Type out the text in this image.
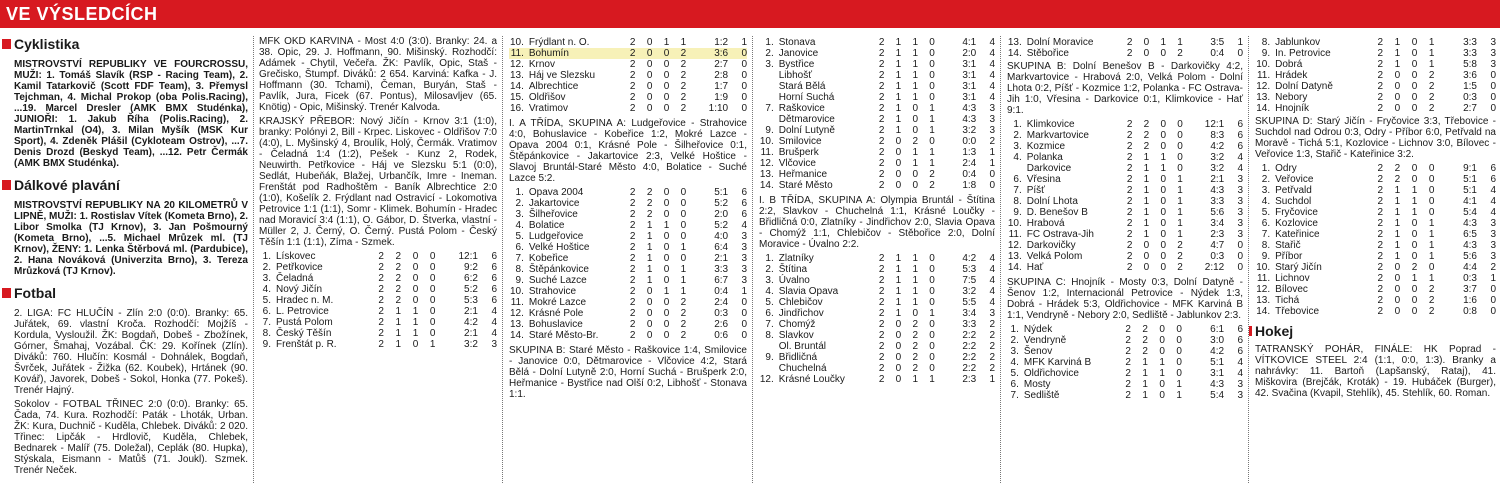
VE VÝSLEDCÍCH
Cyklistika
MISTROVSTVÍ REPUBLIKY VE FOURCROSSU, MUŽI: 1. Tomáš Slavík (RSP - Racing Team), 2. Kamil Tatarkovič (Scott FDF Team), 3. Přemysl Tejchman, 4. Michal Prokop (oba Polis.Racing), ...19. Marcel Dresler (AMK BMX Studénka), JUNIOŘI: 1. Jakub Říha (Polis.Racing), 2. MartinTrnkal (O4), 3. Milan Myšík (MSK Kur Sport), 4. Zdeněk Plášil (Cykloteam Ostrov), ...7. Denis Drozd (Beskyd Team), ...12. Petr Čermák (AMK BMX Studénka).
Dálkové plavání
MISTROVSTVÍ REPUBLIKY NA 20 KILOMETRŮ V LIPNĚ, MUŽI: 1. Rostislav Vítek (Kometa Brno), 2. Libor Smolka (TJ Krnov), 3. Jan Pošmourný (Kometa Brno), ...5. Michael Mrůzek ml. (TJ Krnov), ŽENY: 1. Lenka Štěrbová ml. (Pardubice), 2. Hana Nováková (Univerzita Brno), 3. Tereza Mrůzková (TJ Krnov).
Fotbal
2. LIGA: FC HLUČÍN - Zlín 2:0 (0:0). Branky: 65. Juřátek, 69. vlastní Kroča. Rozhodčí: Mojžíš - Kordula, Vysloužil. ŽK: Bogdaň, Dobeš - Zbožínek, Górner, Šmahaj, Vozábal. ČK: 29. Kořínek (Zlín). Diváků: 760. Hlučín: Kosmál - Dohnálek, Bogdaň, Švrček, Juřátek - Žižka (62. Koubek), Hrtánek (90. Kovář), Javorek, Dobeš - Sokol, Honka (77. Pokeš). Trenér Hajný.
Sokolov - FOTBAL TŘINEC 2:0 (0:0). Branky: 65. Čada, 74. Kura. Rozhodčí: Paták - Lhoták, Urban. ŽK: Kura, Duchnič - Kuděla, Chlebek. Diváků: 2 020. Třinec: Lipčák - Hrdlovič, Kuděla, Chlebek, Bednarek - Malíř (75. Doležal), Ceplák (80. Hupka), Stýskala, Eismann - Matůš (71. Joukl). Szmek. Trenér Neček.
MFK OKD KARVINÁ - Most 4:0 (3:0). Branky: 24. a 38. Opic, 29. J. Hoffmann, 90. Mišinský. Rozhodčí: Adámek - Chytil, Večeřa. ŽK: Pavlík, Opic, Staš - Grečisko, Štumpf. Diváků: 2 654. Karviná: Kafka - J. Hoffmann (30. Tchami), Čeman, Buryán, Staš - Pavlík, Jura, Ficek (67. Pontus), Milosavljev (65. Knötig) - Opic, Mišinský. Trenér Kalvoda.
KRAJSKÝ PŘEBOR: Nový Jičín - Krnov 3:1 (1:0), branky: Polónyi 2, Bill - Krpec. Liskovec - Oldřišov 7:0 (4:0), L. Myšinský 4, Broulík, Holý, Čermák. Vratimov - Čeladná 1:4 (1:2), Pešek - Kunz 2, Rodek, Neuwirth. Petřkovice - Háj ve Slezsku 5:1 (0:0), Sedlát, Hubeňák, Blažej, Urbančík, Imre - Ineman. Frenštát pod Radhoštěm - Baník Albrechtice 2:0 (1:0), Košelík 2. Frýdlant nad Ostravicí - Lokomotiva Petrovice 1:1 (1:1), Somr - Klimek. Bohumín - Hradec nad Moravicí 3:4 (1:1), O. Gábor, D. Štverka, vlastní - Müller 2, J. Černý, O. Černý. Pustá Polom - Český Těšín 1:1 (1:1), Zíma - Szmek.
1.	Lískovec	2	2	0	0	12:1	6
2.	Petřkovice	2	2	0	0	9:2	6
3.	Čeladná	2	2	0	0	6:2	6
4.	Nový Jičín	2	2	0	0	5:2	6
5.	Hradec n. M.	2	2	0	0	5:3	6
6.	L. Petrovice	2	1	1	0	2:1	4
7.	Pustá Polom	2	1	1	0	4:2	4
8.	Český Těšín	2	1	1	0	2:1	4
9.	Frenštát p. R.	2	1	0	1	3:2	3
10.	Frýdlant n. O.	2	0	1	1	1:2	1
11.	Bohumín	2	0	0	2	3:6	0
12.	Krnov	2	0	0	2	2:7	0
13.	Háj ve Slezsku	2	0	0	2	2:8	0
14.	Albrechtice	2	0	0	2	1:7	0
15.	Oldřišov	2	0	0	2	1:9	0
16.	Vratimov	2	0	0	2	1:10	0
I. A TŘÍDA, SKUPINA A: Ludgeřovice - Strahovice 4:0, Bohuslavice - Kobeřice 1:2, Mokré Lazce - Opava 2004 0:1, Krásné Pole - Šilheřovice 0:1, Štěpánkovice - Jakartovice 2:3, Velké Hoštice - Slavoj Bruntál-Staré Město 4:0, Bolatice - Suché Lazce 5:2.
1.	Opava 2004	2	2	0	0	5:1	6
2.	Jakartovice	2	2	0	0	5:2	6
3.	Šilheřovice	2	2	0	0	2:0	6
4.	Bolatice	2	1	1	0	5:2	4
5.	Ludgeřovice	2	1	0	0	4:0	3
6.	Velké Hoštice	2	1	0	1	6:4	3
7.	Kobeřice	2	1	0	0	2:1	3
8.	Štěpánkovice	2	1	0	1	3:3	3
9.	Suché Lazce	2	1	0	1	6:7	3
10.	Strahovice	2	0	1	1	0:4	1
11.	Mokré Lazce	2	0	0	2	2:4	0
12.	Krásné Pole	2	0	0	2	0:3	0
13.	Bohuslavice	2	0	0	2	2:6	0
14.	Staré Město-Br.	2	0	0	2	0:6	0
SKUPINA B: Staré Město - Raškovice 1:4, Smilovice - Janovice 0:0, Dětmarovice - Vlčovice 4:2, Stará Bělá - Dolní Lutyně 2:0, Horní Suchá - Brušperk 2:0, Heřmanice - Bystřice nad Olší 0:2, Libhošť - Stonava 1:1.
1.	Stonava	2	1	1	0	4:1	4
2.	Janovice	2	1	1	0	2:0	4
3.	Bystřice	2	1	1	0	3:1	4
	Libhošť	2	1	1	0	3:1	4
	Stará Bělá	2	1	1	0	3:1	4
	Horní Suchá	2	1	1	0	3:1	4
7.	Raškovice	2	1	0	1	4:3	3
	Dětmarovice	2	1	0	1	4:3	3
9.	Dolní Lutyně	2	1	0	1	3:2	3
10.	Smilovice	2	0	2	0	0:0	2
11.	Brušperk	2	0	1	1	1:3	1
12.	Vlčovice	2	0	1	1	2:4	1
13.	Heřmanice	2	0	0	2	0:4	0
14.	Staré Město	2	0	0	2	1:8	0
I. B TŘÍDA, SKUPINA A: Olympia Bruntál - Štítina 2:2, Slavkov - Chuchelná 1:1, Krásné Loučky - Břidličná 0:0, Zlatníky - Jindřichov 2:0, Slavia Opava - Chomýž 1:1, Chlebičov - Stěbořice 2:0, Dolní Moravice - Úvalno 2:2.
1.	Zlatníky	2	1	1	0	4:2	4
2.	Štítina	2	1	1	0	5:3	4
3.	Úvalno	2	1	1	0	7:5	4
4.	Slavia Opava	2	1	1	0	3:2	4
5.	Chlebičov	2	1	1	0	5:5	4
6.	Jindřichov	2	1	0	1	3:4	3
7.	Chomýž	2	0	2	0	3:3	2
8.	Slavkov	2	0	2	0	2:2	2
	Ol. Bruntál	2	0	2	0	2:2	2
9.	Břidličná	2	0	2	0	2:2	2
	Chuchelná	2	0	2	0	2:2	2
12.	Krásné Loučky	2	0	1	1	2:3	1
13.	Dolní Moravice	2	0	1	1	3:5	1
14.	Stěbořice	2	0	0	2	0:4	0
SKUPINA B: Dolní Benešov B - Darkovičky 4:2, Markvartovice - Hrabová 2:0, Velká Polom - Dolní Lhota 0:2, Píšť - Kozmice 1:2, Polanka - FC Ostrava-Jih 1:0, Vřesina - Darkovice 0:1, Klimkovice - Hať 9:1.
1.	Klimkovice	2	2	0	0	12:1	6
2.	Markvartovice	2	2	0	0	8:3	6
3.	Kozmice	2	2	0	0	4:2	6
4.	Polanka	2	1	1	0	3:2	4
	Darkovice	2	1	1	0	3:2	4
6.	Vřesina	2	1	0	1	2:1	3
7.	Píšť	2	1	0	1	4:3	3
8.	Dolní Lhota	2	1	0	1	3:3	3
9.	D. Benešov B	2	1	0	1	5:6	3
10.	Hrabová	2	1	0	1	3:4	3
11.	FC Ostrava-Jih	2	1	0	1	2:3	3
12.	Darkovičky	2	0	0	2	4:7	0
13.	Velká Polom	2	0	0	2	0:3	0
14.	Hať	2	0	0	2	2:12	0
SKUPINA C: Hnojník - Mosty 0:3, Dolní Datyně - Šenov 1:2, Internacionál Petrovice - Nýdek 1:3, Dobrá - Hrádek 5:3, Oldřichovice - MFK Karviná B 1:1, Vendryně - Nebory 2:0, Sedliště - Jablunkov 2:3.
1.	Nýdek	2	2	0	0	6:1	6
2.	Vendryně	2	2	0	0	3:0	6
3.	Šenov	2	2	0	0	4:2	6
4.	MFK Karviná B	2	1	1	0	5:1	4
5.	Oldřichovice	2	1	1	0	3:1	4
6.	Mosty	2	1	0	1	4:3	3
7.	Sedliště	2	1	0	1	5:4	3
8.	Jablunkov	2	1	0	1	3:3	3
9.	In. Petrovice	2	1	0	1	3:3	3
10.	Dobrá	2	1	0	1	5:8	3
11.	Hrádek	2	0	0	2	3:6	0
12.	Dolní Datyně	2	0	0	2	1:5	0
13.	Nebory	2	0	0	2	0:3	0
14.	Hnojník	2	0	0	2	2:7	0
SKUPINA D: Starý Jičín - Fryčovice 3:3, Třebovice - Suchdol nad Odrou 0:3, Odry - Příbor 6:0, Petřvald na Moravě - Tichá 5:1, Kozlovice - Lichnov 3:0, Bílovec - Veřovice 1:3, Stařič - Kateřinice 3:2.
1.	Odry	2	2	0	0	9:1	6
2.	Veřovice	2	2	0	0	5:1	6
3.	Petřvald	2	1	1	0	5:1	4
4.	Suchdol	2	1	1	0	4:1	4
5.	Fryčovice	2	1	1	0	5:4	4
6.	Kozlovice	2	1	0	1	4:3	3
7.	Kateřinice	2	1	0	1	6:5	3
8.	Stařič	2	1	0	1	4:3	3
9.	Příbor	2	1	0	1	5:6	3
10.	Starý Jičín	2	0	2	0	4:4	2
11.	Lichnov	2	0	1	1	0:3	1
12.	Bílovec	2	0	0	2	3:7	0
13.	Tichá	2	0	0	2	1:6	0
14.	Třebovice	2	0	0	2	0:8	0
Hokej
TATRANSKÝ POHÁR, FINÁLE: HK Poprad - VÍTKOVICE STEEL 2:4 (1:1, 0:0, 1:3). Branky a nahrávky: 11. Bartoň (Lapšanský, Rataj), 41. Miškovira (Brejčák, Kroták) - 19. Hubáček (Burger), 42. Svačina (Kvapil, Stehlík), 45. Stehlík, 60. Roman.
